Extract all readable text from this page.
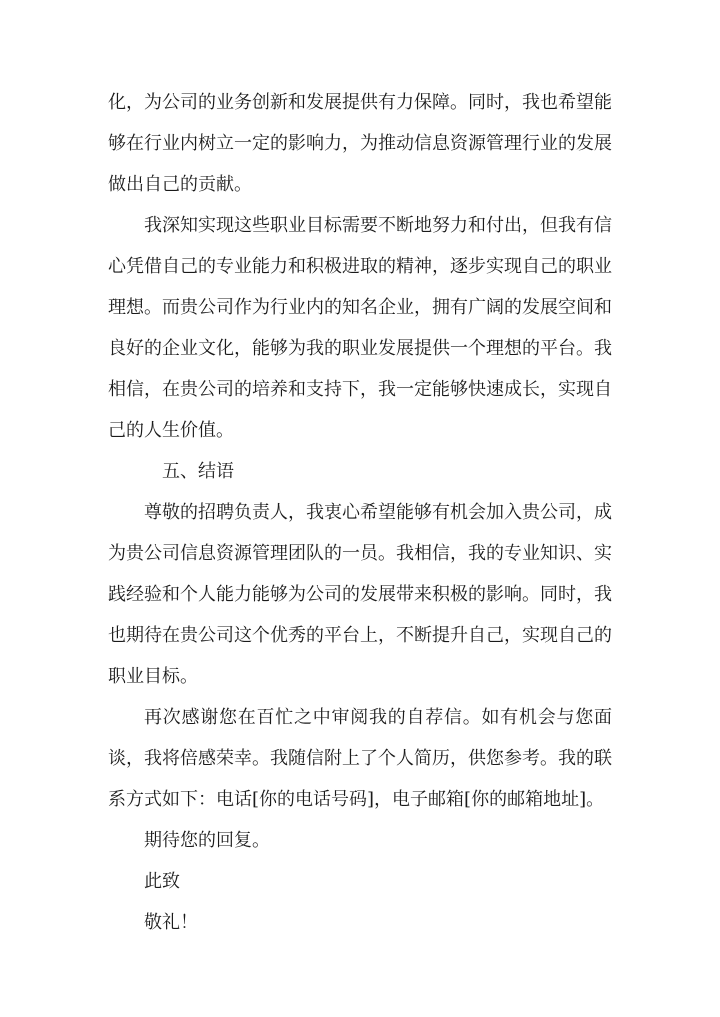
化，为公司的业务创新和发展提供有力保障。同时，我也希望能够在行业内树立一定的影响力，为推动信息资源管理行业的发展做出自己的贡献。

我深知实现这些职业目标需要不断地努力和付出，但我有信心凭借自己的专业能力和积极进取的精神，逐步实现自己的职业理想。而贵公司作为行业内的知名企业，拥有广阔的发展空间和良好的企业文化，能够为我的职业发展提供一个理想的平台。我相信，在贵公司的培养和支持下，我一定能够快速成长，实现自己的人生价值。

五、结语

尊敬的招聘负责人，我衷心希望能够有机会加入贵公司，成为贵公司信息资源管理团队的一员。我相信，我的专业知识、实践经验和个人能力能够为公司的发展带来积极的影响。同时，我也期待在贵公司这个优秀的平台上，不断提升自己，实现自己的职业目标。

再次感谢您在百忙之中审阅我的自荐信。如有机会与您面谈，我将倍感荣幸。我随信附上了个人简历，供您参考。我的联系方式如下：电话[你的电话号码]，电子邮箱[你的邮箱地址]。

期待您的回复。

此致

敬礼！
